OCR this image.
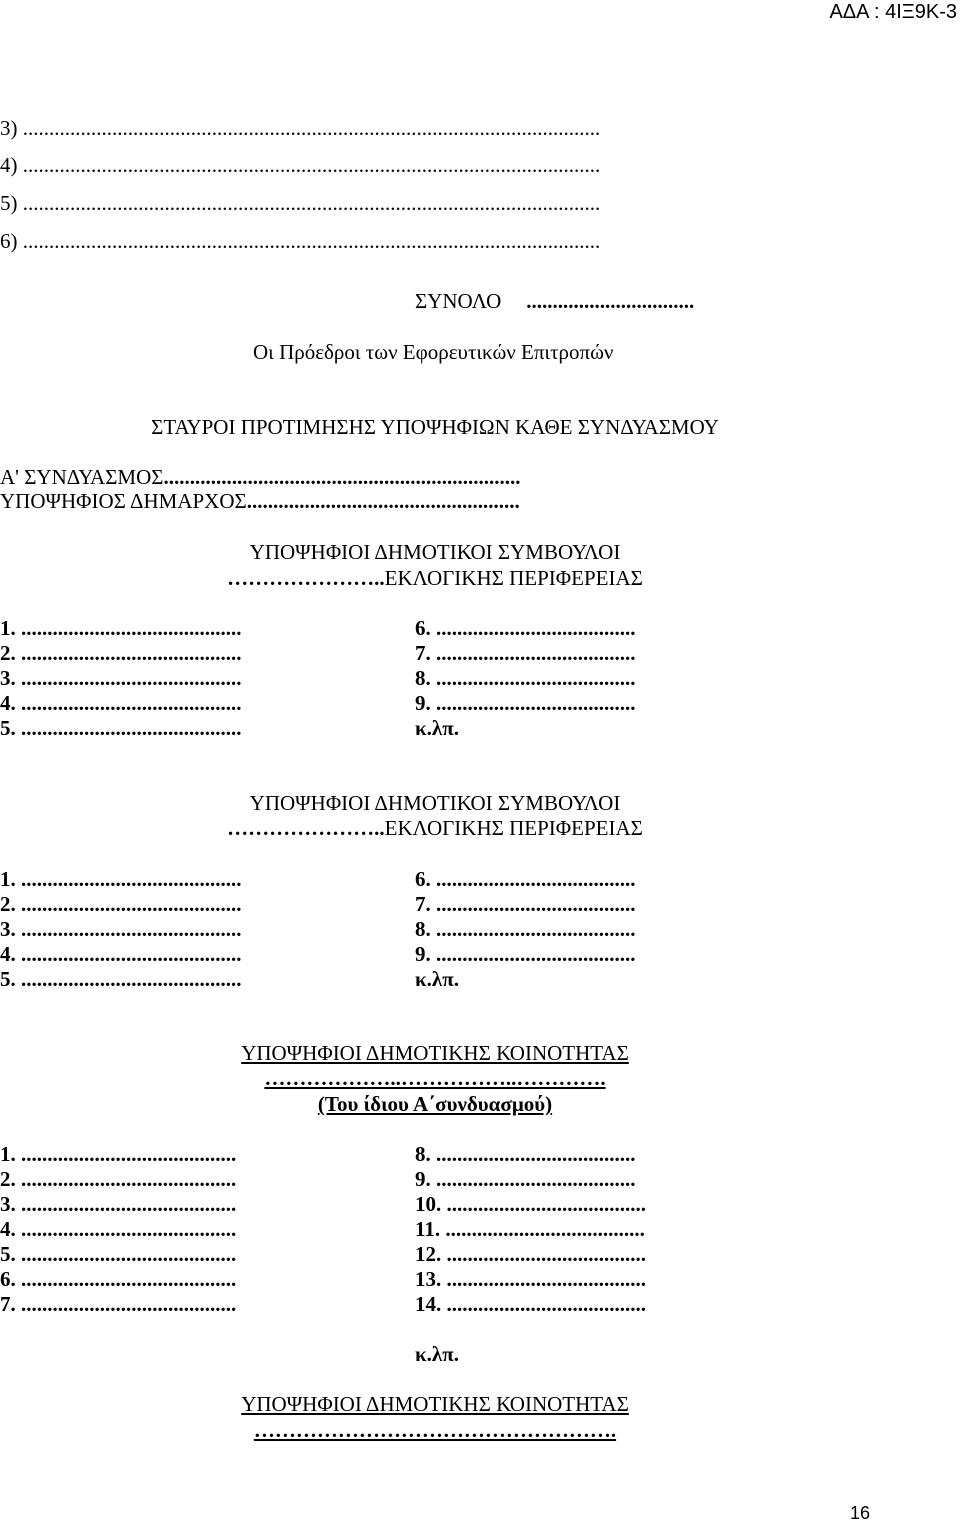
ΑΔΑ : 4ΙΞ9Κ-3
3) ..............................................................................................................
4) ..............................................................................................................
5) ..............................................................................................................
6) ..............................................................................................................
ΣΥΝΟΛΟ ................................
Οι Πρόεδροι των Εφορευτικών Επιτροπών
ΣΤΑΥΡΟΙ ΠΡΟΤΙΜΗΣΗΣ ΥΠΟΨΗΦΙΩΝ ΚΑΘΕ ΣΥΝΔΥΑΣΜΟΥ
Α' ΣΥΝΔΥΑΣΜΟΣ....................................................................
ΥΠΟΨΗΦΙΟΣ ΔΗΜΑΡΧΟΣ....................................................
ΥΠΟΨΗΦΙΟΙ ΔΗΜΟΤΙΚΟΙ ΣΥΜΒΟΥΛΟΙ
…………………..ΕΚΛΟΓΙΚΗΣ ΠΕΡΙΦΕΡΕΙΑΣ
1. ..........................................	6. ......................................
2. ..........................................	7. ......................................
3. ..........................................	8. ......................................
4. ..........................................	9. ......................................
5. ..........................................	κ.λπ.
ΥΠΟΨΗΦΙΟΙ ΔΗΜΟΤΙΚΟΙ ΣΥΜΒΟΥΛΟΙ
…………………..ΕΚΛΟΓΙΚΗΣ ΠΕΡΙΦΕΡΕΙΑΣ
1. ..........................................	6. ......................................
2. ..........................................	7. ......................................
3. ..........................................	8. ......................................
4. ..........................................	9. ......................................
5. ..........................................	κ.λπ.
ΥΠΟΨΗΦΙΟΙ ΔΗΜΟΤΙΚΗΣ ΚΟΙΝΟΤΗΤΑΣ
………………..……………..………….
(Του ίδιου Α΄συνδυασμού)
1. .........................................	8. ......................................
2. .........................................	9. ......................................
3. .........................................	10. ......................................
4. .........................................	11. ......................................
5. .........................................	12. ......................................
6. .........................................	13. ......................................
7. .........................................	14. ......................................
κ.λπ.
ΥΠΟΨΗΦΙΟΙ ΔΗΜΟΤΙΚΗΣ ΚΟΙΝΟΤΗΤΑΣ
…………………………………………….
16
